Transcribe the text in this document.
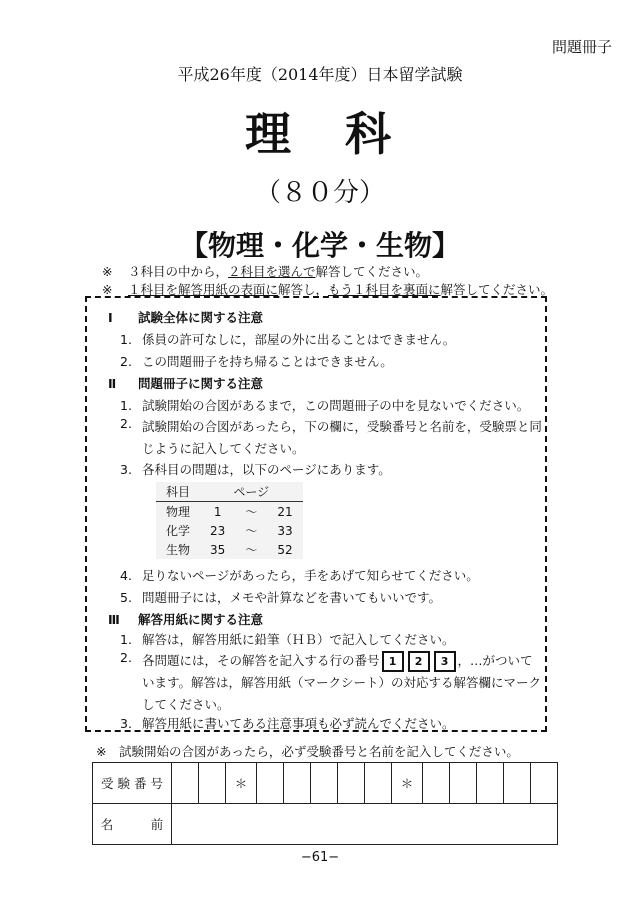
問題冊子
平成26年度（2014年度）日本留学試験
理　科
（８０分）
【物理・化学・生物】
※ ３科目の中から，２科目を選んで解答してください。
※ １科目を解答用紙の表面に解答し，もう１科目を裏面に解答してください。
Ⅰ 試験全体に関する注意
1. 係員の許可なしに，部屋の外に出ることはできません。
2. この問題冊子を持ち帰ることはできません。
Ⅱ 問題冊子に関する注意
1. 試験開始の合図があるまで，この問題冊子の中を見ないでください。
2. 試験開始の合図があったら，下の欄に，受験番号と名前を，受験票と同じように記入してください。
3. 各科目の問題は，以下のページにあります。
科目	ページ		
物理	1	～	21
化学	23	～	33
生物	35	～	52
4. 足りないページがあったら，手をあげて知らせてください。
5. 問題冊子には，メモや計算などを書いてもいいです。
Ⅲ 解答用紙に関する注意
1. 解答は，解答用紙に鉛筆（ＨＢ）で記入してください。
2. 各問題には，その解答を記入する行の番号 1 2 3 ，…がついています。解答は，解答用紙（マークシート）の対応する解答欄にマークしてください。
3. 解答用紙に書いてある注意事項も必ず読んでください。
※　試験開始の合図があったら，必ず受験番号と名前を記入してください。
受 験 番 号			＊						＊					
名　　　前														
−61−
